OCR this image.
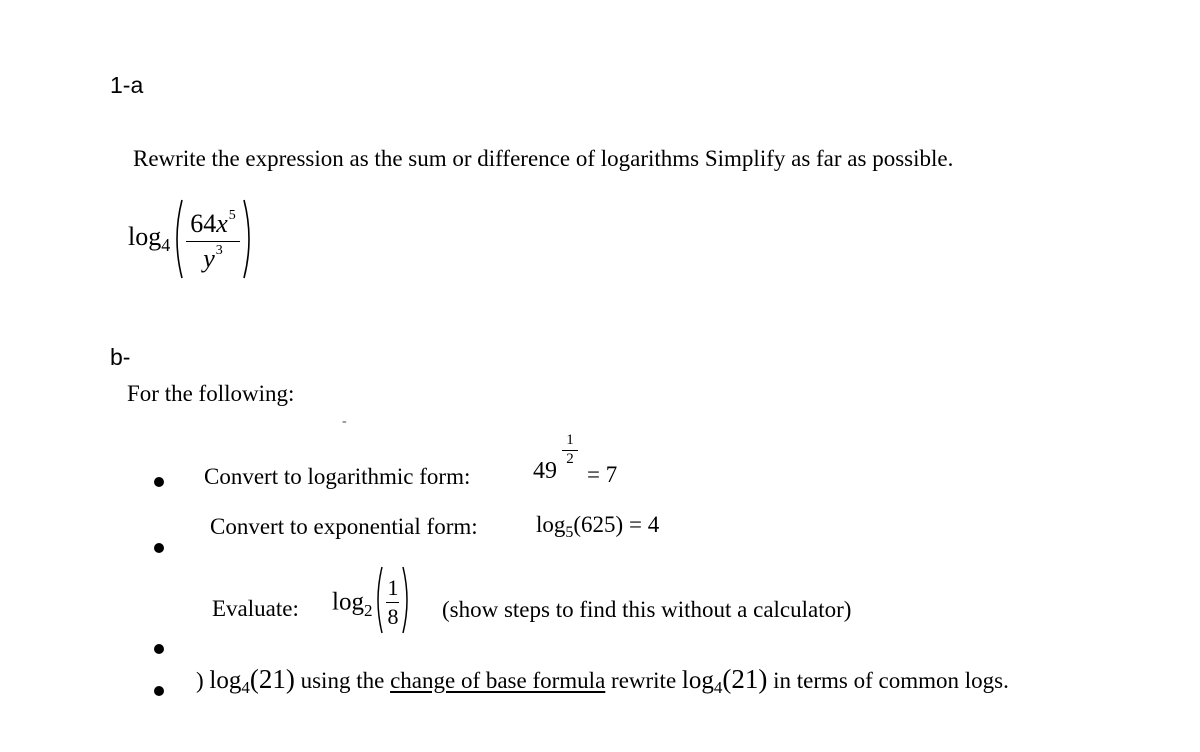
1-a
Rewrite the expression as the sum or difference of logarithms Simplify as far as possible.
$\log 4 \frac{64x^5}{y^3}$
b-
For the following:
-
Convert to logarithmic form:	49
1
2
= 7
Convert to exponential form:	$\log_5(625) = 4$
Evaluate: $\log 2 \frac{1}{8}$ (show steps to find this without a calculator)
) $\log_4(21)$ using the change of base formula rewrite $\log_4(21)$ in terms of common logs.
